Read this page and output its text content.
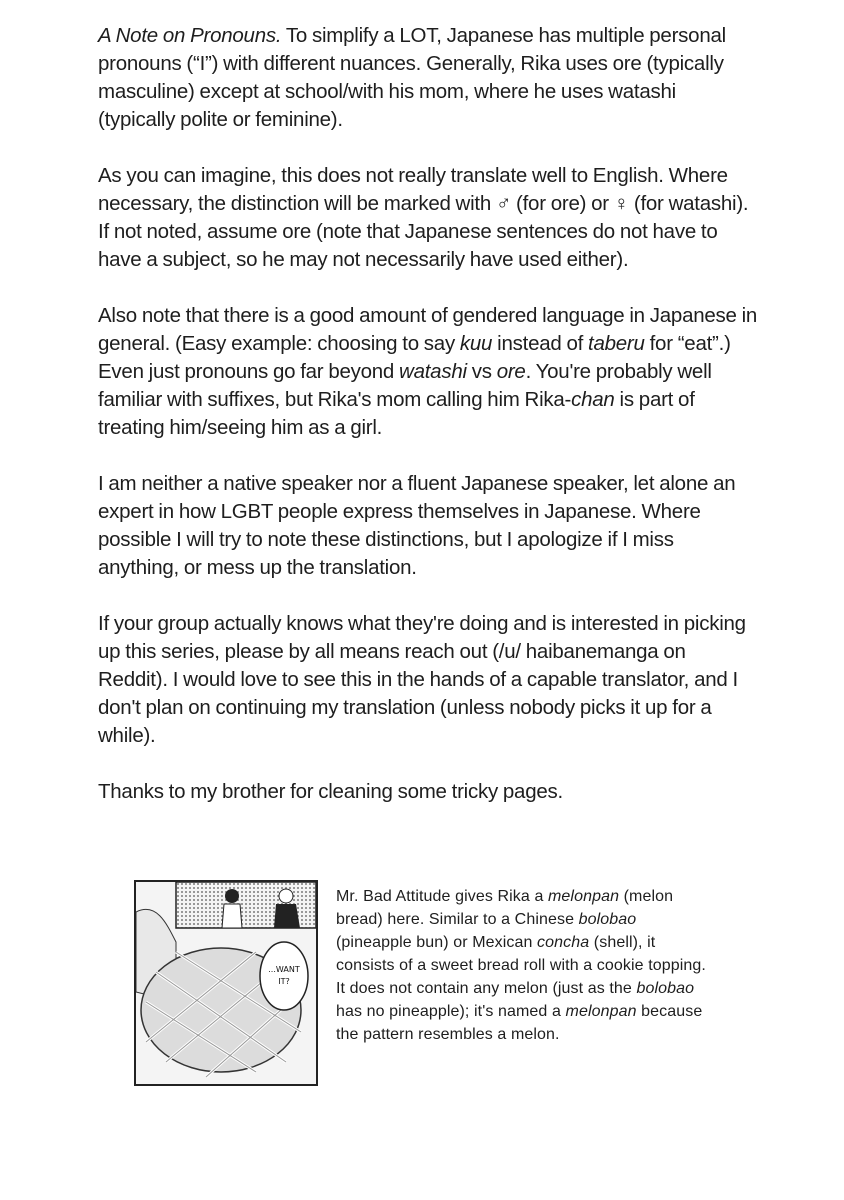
A Note on Pronouns. To simplify a LOT, Japanese has multiple personal pronouns (“I”) with different nuances. Generally, Rika uses ore (typically masculine) except at school/with his mom, where he uses watashi (typically polite or feminine).

As you can imagine, this does not really translate well to English. Where necessary, the distinction will be marked with ♂ (for ore) or ♀ (for watashi). If not noted, assume ore (note that Japanese sentences do not have to have a subject, so he may not necessarily have used either).

Also note that there is a good amount of gendered language in Japanese in general. (Easy example: choosing to say kuu instead of taberu for “eat”.) Even just pronouns go far beyond watashi vs ore. You're probably well familiar with suffixes, but Rika's mom calling him Rika-chan is part of treating him/seeing him as a girl.

I am neither a native speaker nor a fluent Japanese speaker, let alone an expert in how LGBT people express themselves in Japanese. Where possible I will try to note these distinctions, but I apologize if I miss anything, or mess up the translation.

If your group actually knows what they're doing and is interested in picking up this series, please by all means reach out (/u/ haibanemanga on Reddit). I would love to see this in the hands of a capable translator, and I don't plan on continuing my translation (unless nobody picks it up for a while).

Thanks to my brother for cleaning some tricky pages.

...WANT
IT?
Mr. Bad Attitude gives Rika a melonpan (melon bread) here. Similar to a Chinese bolobao (pineapple bun) or Mexican concha (shell), it consists of a sweet bread roll with a cookie topping. It does not contain any melon (just as the bolobao has no pineapple); it's named a melonpan because the pattern resembles a melon.
